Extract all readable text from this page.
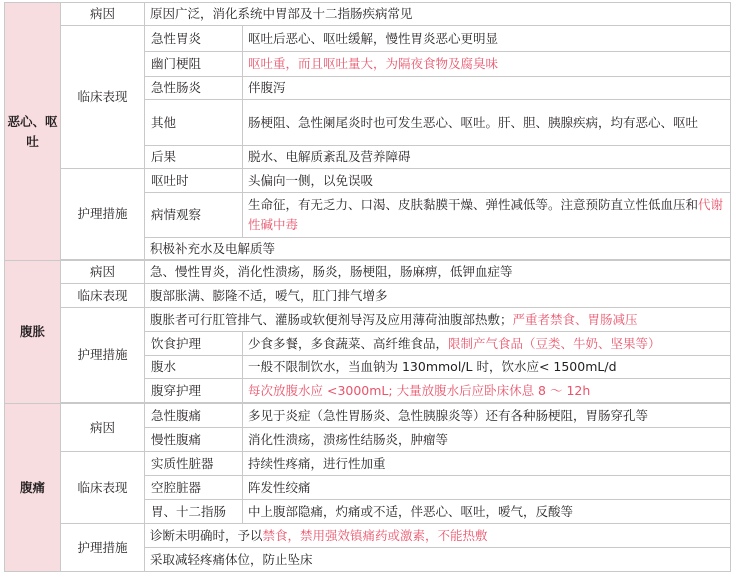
恶心、呕吐	病因	原因广泛，消化系统中胃部及十二指肠疾病常见	
	临床表现	急性胃炎	呕吐后恶心、呕吐缓解，慢性胃炎恶心更明显
		幽门梗阻	呕吐重，而且呕吐量大，为隔夜食物及腐臭味
		急性肠炎	伴腹泻
		其他	肠梗阻、急性阑尾炎时也可发生恶心、呕吐。肝、胆、胰腺疾病，均有恶心、呕吐
		后果	脱水、电解质紊乱及营养障碍
	护理措施	呕吐时	头偏向一侧，以免误吸
		病情观察	生命征，有无乏力、口渴、皮肤黏膜干燥、弹性减低等。注意预防直立性低血压和代谢性碱中毒
		积极补充水及电解质等	

腹胀	病因	急、慢性胃炎，消化性溃疡，肠炎，肠梗阻，肠麻痹，低钾血症等	
	临床表现	腹部胀满、膨隆不适，嗳气，肛门排气增多	
	护理措施	腹胀者可行肛管排气、灌肠或软便剂导泻及应用薄荷油腹部热敷；严重者禁食、胃肠减压	
		饮食护理	少食多餐，多食蔬菜、高纤维食品，限制产气食品（豆类、牛奶、坚果等）
		腹水	一般不限制饮水，当血钠为 130mmol/L 时，饮水应< 1500mL/d
		腹穿护理	每次放腹水应 <3000mL; 大量放腹水后应卧床休息 8 ～ 12h

腹痛	病因	急性腹痛	多见于炎症（急性胃肠炎、急性胰腺炎等）还有各种肠梗阻，胃肠穿孔等
		慢性腹痛	消化性溃疡，溃疡性结肠炎，肿瘤等
	临床表现	实质性脏器	持续性疼痛，进行性加重
		空腔脏器	阵发性绞痛
		胃、十二指肠	中上腹部隐痛，灼痛或不适，伴恶心、呕吐，嗳气，反酸等
	护理措施	诊断未明确时，予以禁食，禁用强效镇痛药或激素，不能热敷	
		采取减轻疼痛体位，防止坠床	
